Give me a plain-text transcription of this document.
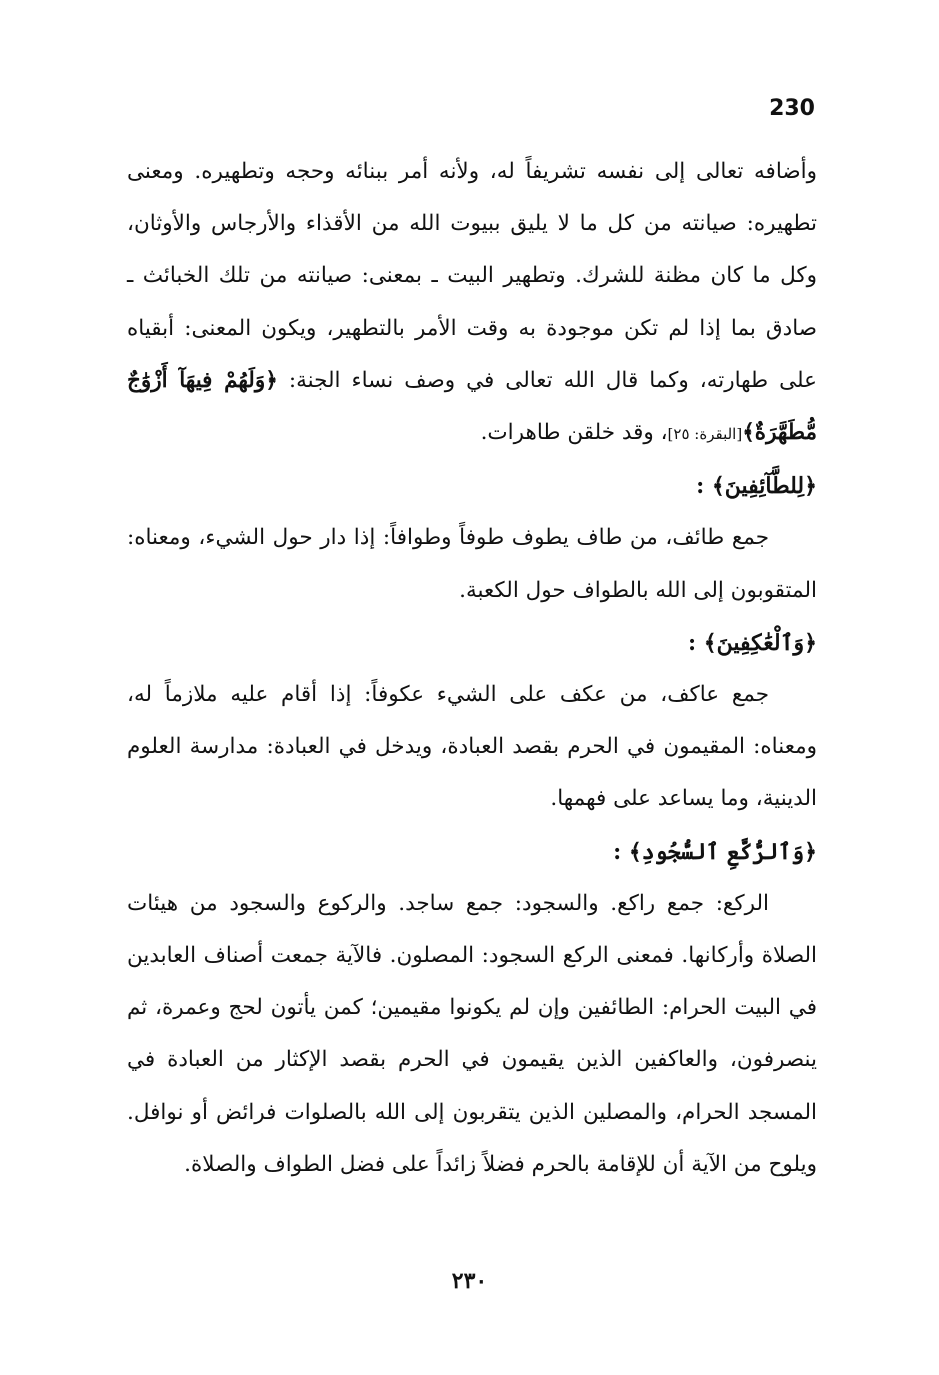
230

وأضافه تعالى إلى نفسه تشريفاً له، ولأنه أمر ببنائه وحجه وتطهيره. ومعنى تطهيره: صيانته من كل ما لا يليق ببيوت الله من الأقذاء والأرجاس والأوثان، وكل ما كان مظنة للشرك. وتطهير البيت ـ بمعنى: صيانته من تلك الخبائث ـ صادق بما إذا لم تكن موجودة به وقت الأمر بالتطهير، ويكون المعنى: أبقياه على طهارته، وكما قال الله تعالى في وصف نساء الجنة: ﴿وَلَهُمْ فِيهَآ أَزْوَٰجٌ مُّطَهَّرَةٌ﴾[البقرة: ٢٥]، وقد خلقن طاهرات.

﴿لِلطَّآئِفِينَ﴾ :

جمع طائف، من طاف يطوف طوفاً وطوافاً: إذا دار حول الشيء، ومعناه: المتقوبون إلى الله بالطواف حول الكعبة.

﴿وَٱلْعَٰكِفِينَ﴾ :

جمع عاكف، من عكف على الشيء عكوفاً: إذا أقام عليه ملازماً له، ومعناه: المقيمون في الحرم بقصد العبادة، ويدخل في العبادة: مدارسة العلوم الدينية، وما يساعد على فهمها.

﴿وَٱلرُّكَّعِ ٱلسُّجُودِ﴾ :

الركع: جمع راكع. والسجود: جمع ساجد. والركوع والسجود من هيئات الصلاة وأركانها. فمعنى الركع السجود: المصلون. فالآية جمعت أصناف العابدين في البيت الحرام: الطائفين وإن لم يكونوا مقيمين؛ كمن يأتون لحج وعمرة، ثم ينصرفون، والعاكفين الذين يقيمون في الحرم بقصد الإكثار من العبادة في المسجد الحرام، والمصلين الذين يتقربون إلى الله بالصلوات فرائض أو نوافل. ويلوح من الآية أن للإقامة بالحرم فضلاً زائداً على فضل الطواف والصلاة.

٢٣٠
